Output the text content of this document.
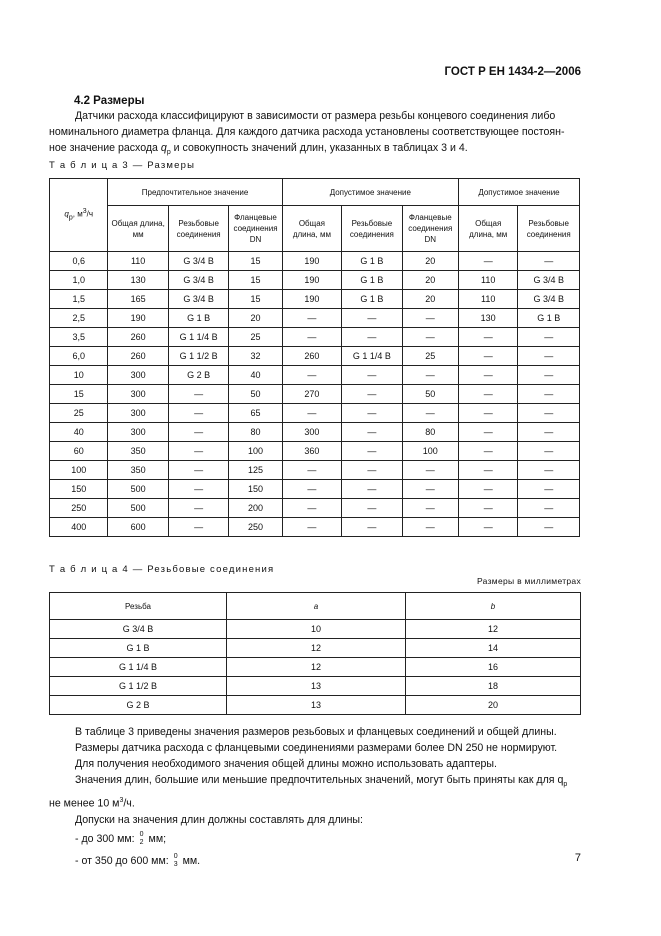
ГОСТ Р ЕН 1434-2—2006
4.2 Размеры
Датчики расхода классифицируют в зависимости от размера резьбы концевого соединения либо
номинального диаметра фланца. Для каждого датчика расхода установлены соответствующее постоян-
ное значение расхода $q_p$ и совокупность значений длин, указанных в таблицах 3 и 4.
Т а б л и ц а 3 — Размеры
qp, м3/ч	Предпочтительное значение			Допустимое значение			Допустимое значение	
	Общая длина, мм	Резьбовые соединения	Фланцевые соединения DN	Общая длина, мм	Резьбовые соединения	Фланцевые соединения DN	Общая длина, мм	Резьбовые соединения
0,6	110	G 3/4 B	15	190	G 1 B	20	—	—
1,0	130	G 3/4 B	15	190	G 1 B	20	110	G 3/4 B
1,5	165	G 3/4 B	15	190	G 1 B	20	110	G 3/4 B
2,5	190	G 1 B	20	—	—	—	130	G 1 B
3,5	260	G 1 1/4 B	25	—	—	—	—	—
6,0	260	G 1 1/2 B	32	260	G 1 1/4 B	25	—	—
10	300	G 2 B	40	—	—	—	—	—
15	300	—	50	270	—	50	—	—
25	300	—	65	—	—	—	—	—
40	300	—	80	300	—	80	—	—
60	350	—	100	360	—	100	—	—
100	350	—	125	—	—	—	—	—
150	500	—	150	—	—	—	—	—
250	500	—	200	—	—	—	—	—
400	600	—	250	—	—	—	—	—
Т а б л и ц а 4 — Резьбовые соединения
Размеры в миллиметрах
Резьба	a	b
G 3/4 B	10	12
G 1 B	12	14
G 1 1/4 B	12	16
G 1 1/2 B	13	18
G 2 B	13	20
В таблице 3 приведены значения размеров резьбовых и фланцевых соединений и общей длины.
Размеры датчика расхода с фланцевыми соединениями размерами более DN 250 не нормируют.
Для получения необходимого значения общей длины можно использовать адаптеры.
Значения длин, большие или меньшие предпочтительных значений, могут быть приняты как для $q_p$
не менее 10 $м^3/ч$.
Допуски на значения длин должны составлять для длины:
- до 300 мм: 0
2 мм;
- от 350 до 600 мм: 0
3 мм.	7
